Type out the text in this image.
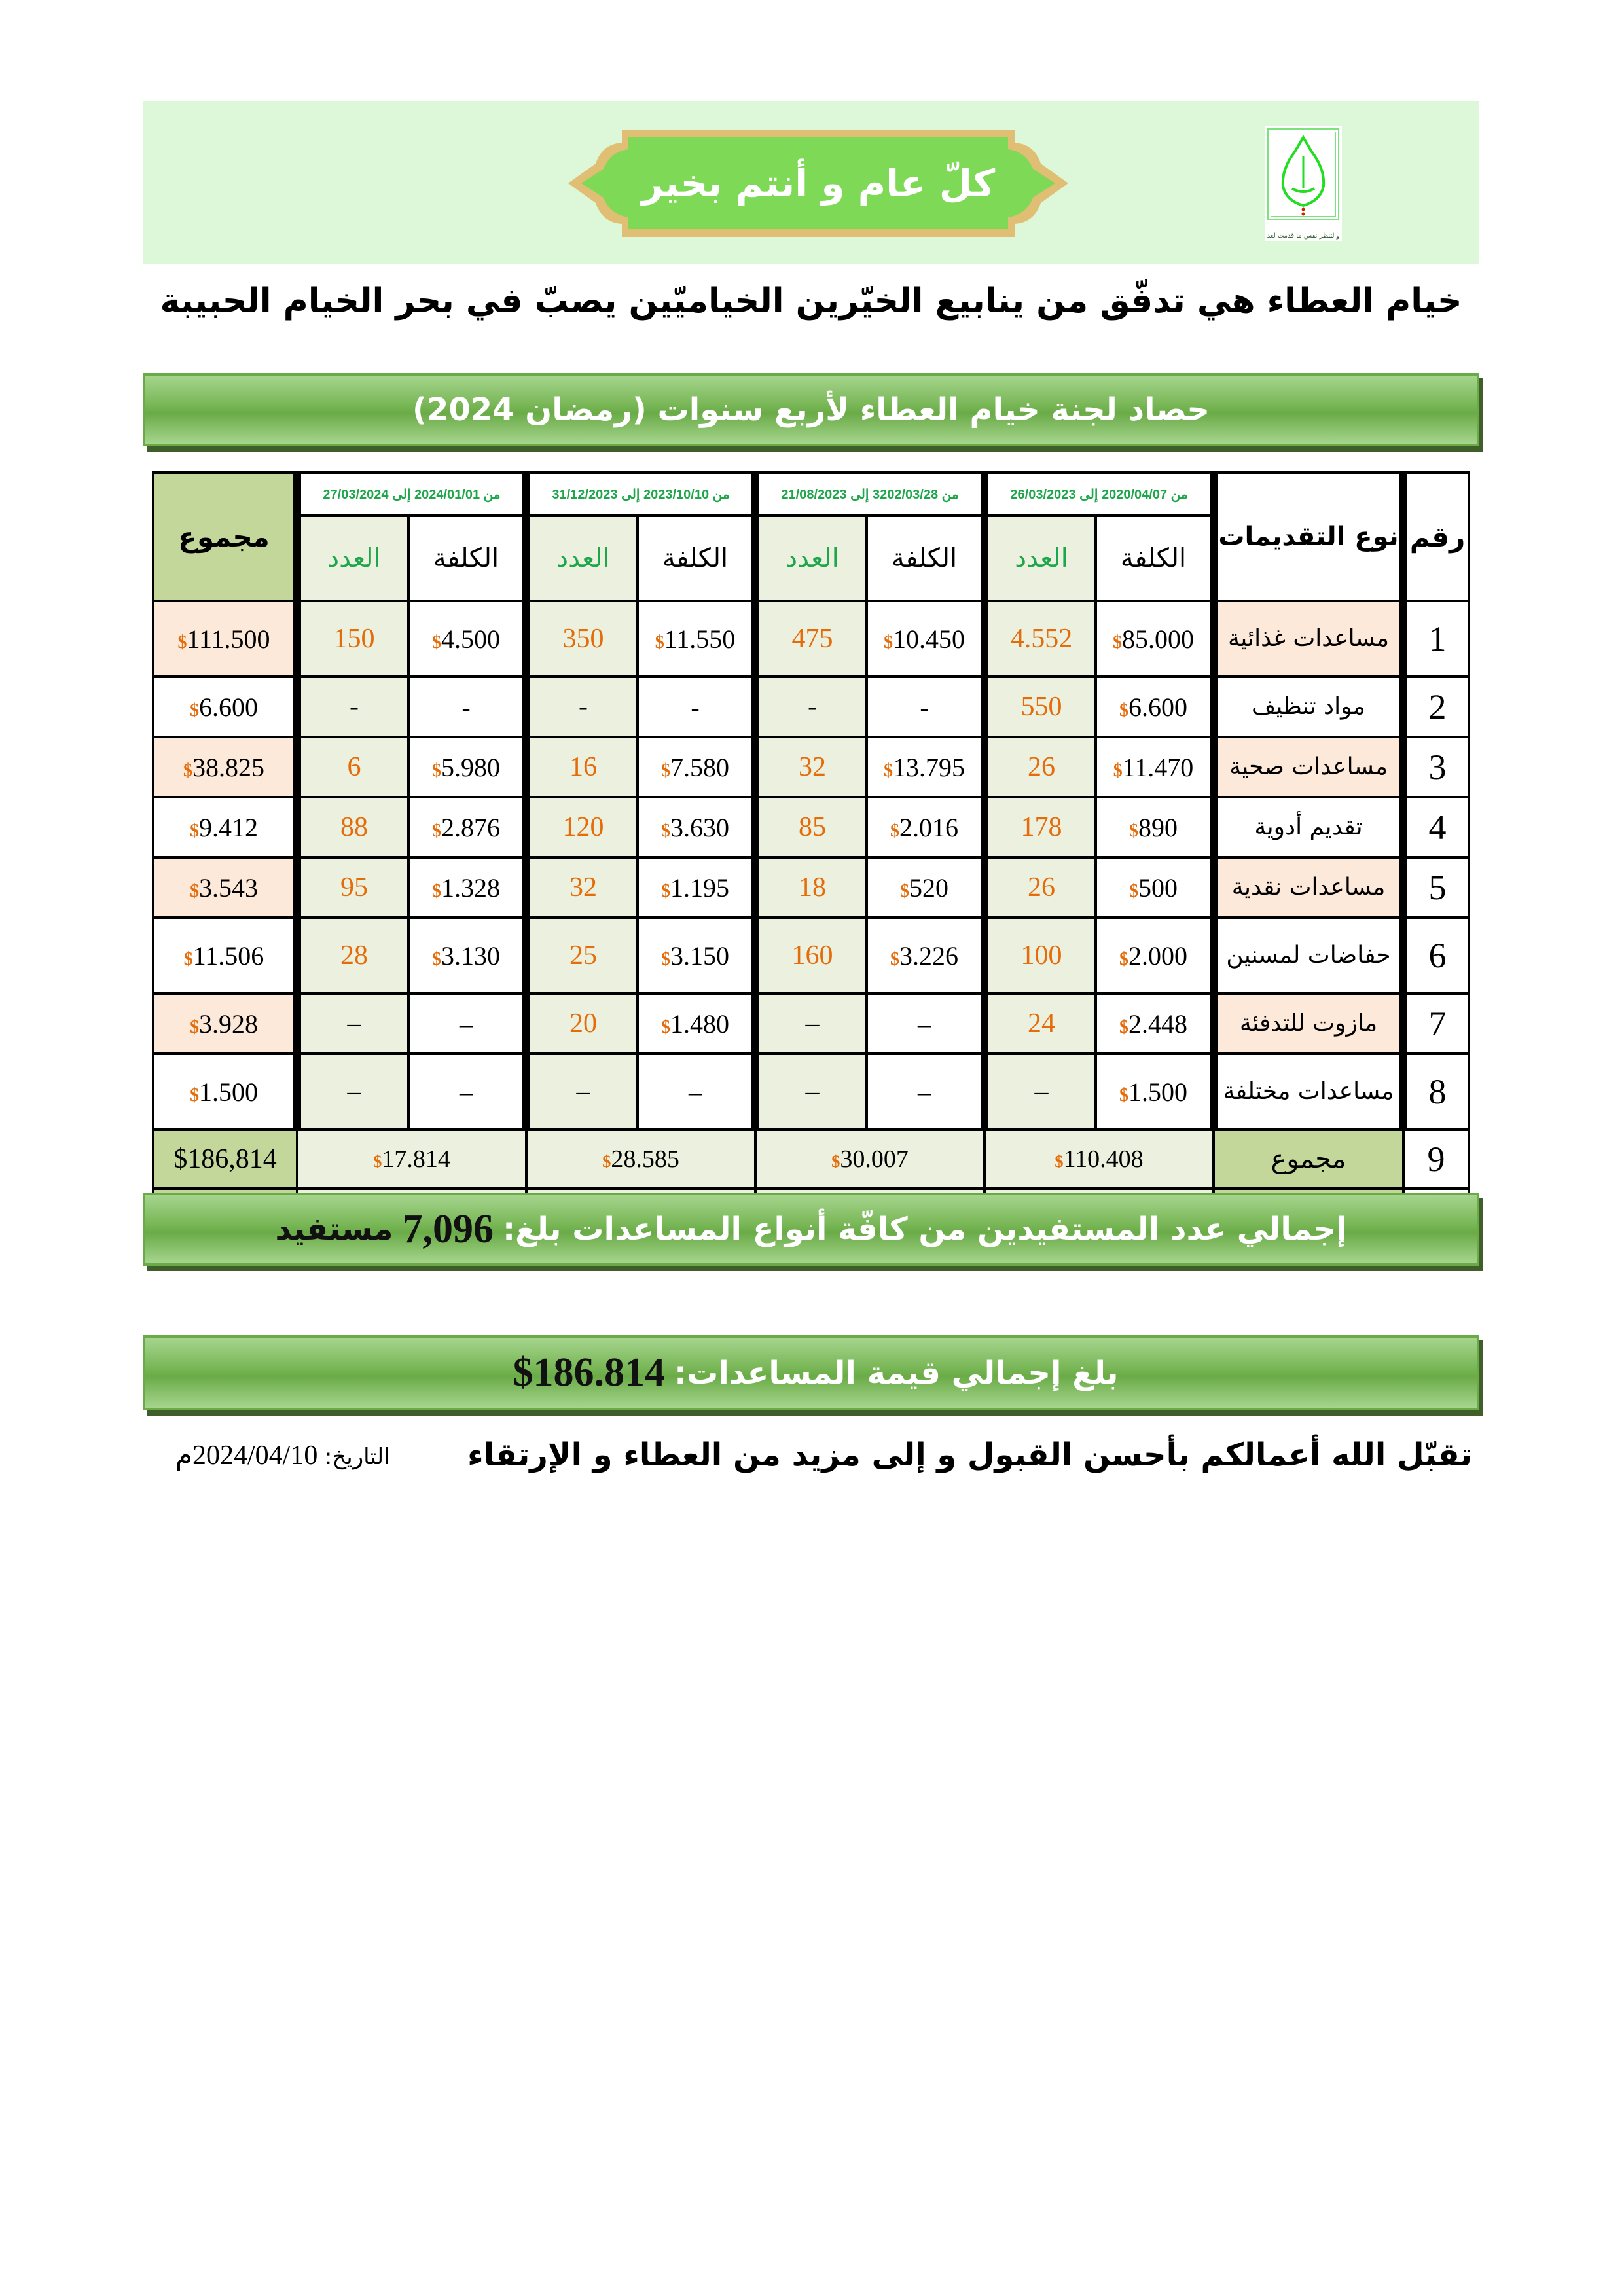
كلّ عام و أنتم بخير
و لتنظر نفس ما قدمت لغد
خيام العطاء هي تدفّق من ينابيع الخيّرين الخياميّين يصبّ في بحر الخيام الحبيبة
حصاد لجنة خيام العطاء لأربع سنوات (رمضان 2024)
رقم	نوع التقديمات	من 2020/04/07 إلى 26/03/2023		من 3202/03/28 إلى 21/08/2023		من 2023/10/10 إلى 31/12/2023		من 2024/01/01 إلى 27/03/2024		مجموع
		الكلفة	العدد	الكلفة	العدد	الكلفة	العدد	الكلفة	العدد	
1	مساعدات غذائية	$85.000	4.552	$10.450	475	$11.550	350	$4.500	150	$111.500
2	مواد تنظيف	$6.600	550	-	-	-	-	-	-	$6.600
3	مساعدات صحية	$11.470	26	$13.795	32	$7.580	16	$5.980	6	$38.825
4	تقديم أدوية	$890	178	$2.016	85	$3.630	120	$2.876	88	$9.412
5	مساعدات نقدية	$500	26	$520	18	$1.195	32	$1.328	95	$3.543
6	حفاضات لمسنين	$2.000	100	$3.226	160	$3.150	25	$3.130	28	$11.506
7	مازوت للتدفئة	$2.448	24	–	–	$1.480	20	–	–	$3.928
8	مساعدات مختلفة	$1.500	–	–	–	–	–	–	–	$1.500
9	مجموع	$110.408		$30.007		$28.585		$17.814		$186,814

إجمالي عدد المستفيدين من كافّة أنواع المساعدات بلغ:
7,096
مستفيد
بلغ إجمالي قيمة المساعدات:
$186.814
تقبّل الله أعمالكم بأحسن القبول و إلى مزيد من العطاء و الإرتقاء
التاريخ: 2024/04/10م
